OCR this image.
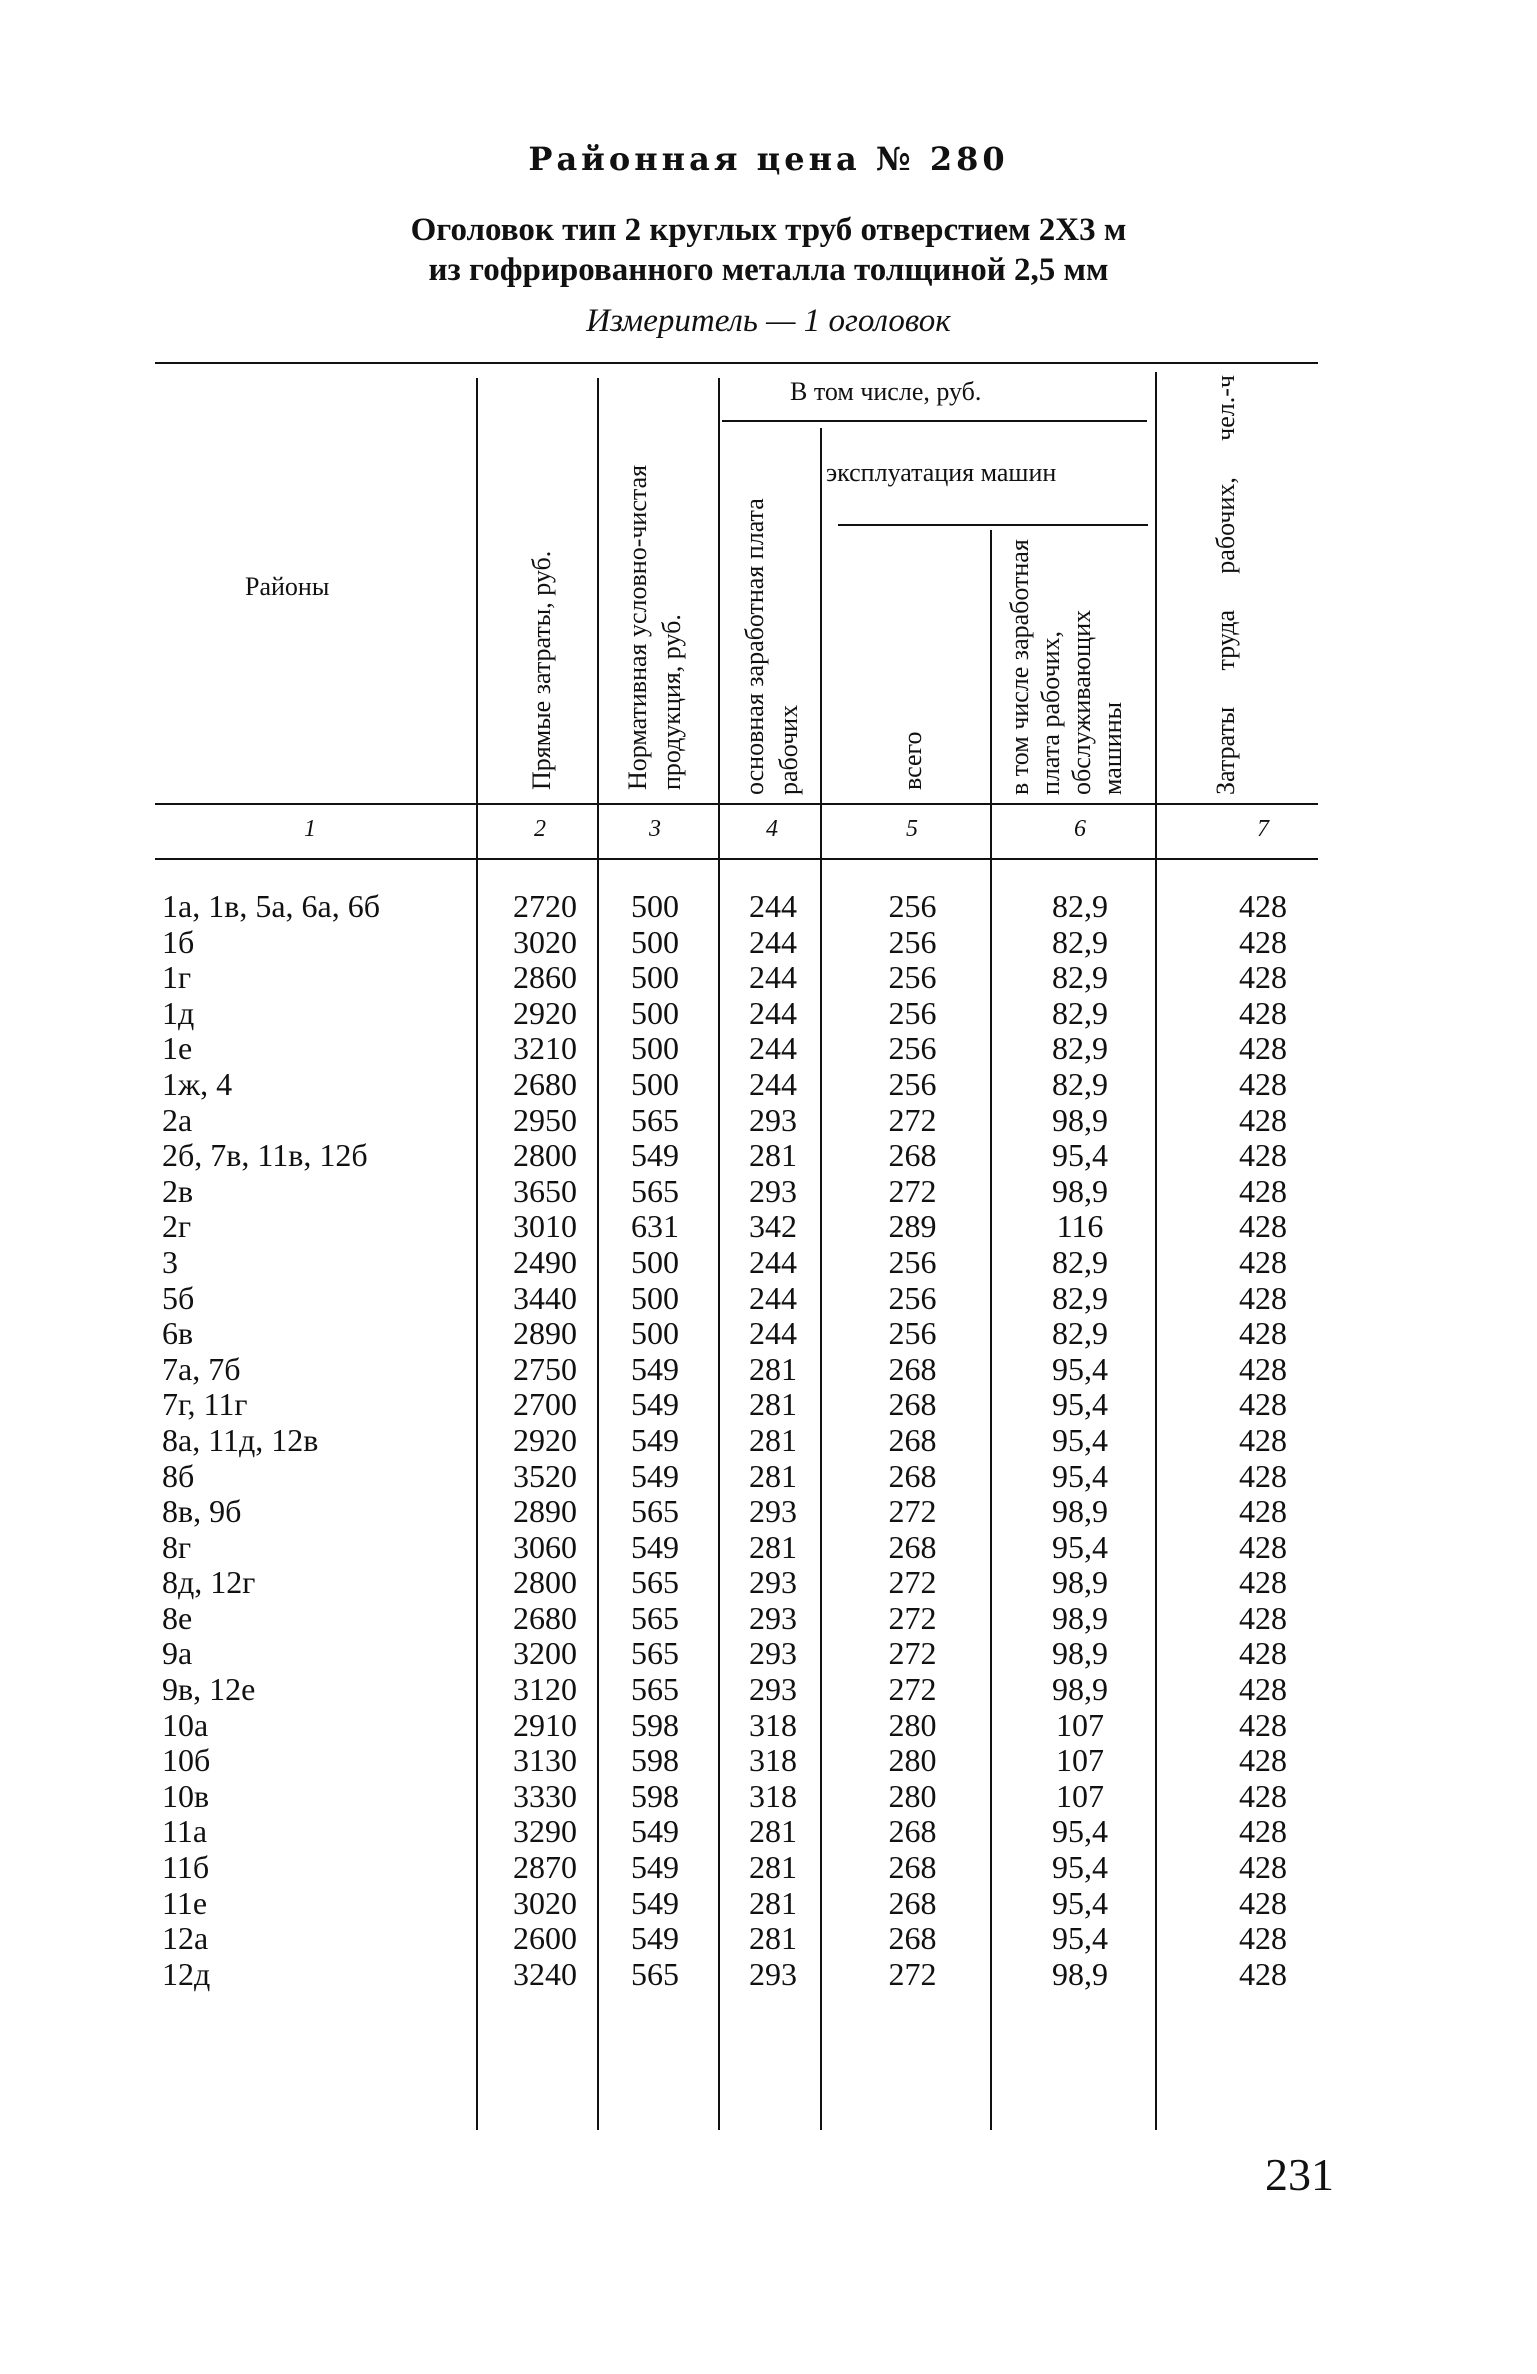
Районная цена № 280
Оголовок тип 2 круглых труб отверстием 2Х3 м
из гофрированного металла толщиной 2,5 мм
Измеритель — 1 оголовок
Районы	Прямые затраты, руб.	Нормативная условно-чистая продукция, руб.
В том числе, руб.
основная заработная плата рабочих
эксплуатация машин
всего	в том числе заработная плата рабочих, обслуживающих машины	Затраты труда рабочих, чел.-ч
1	2	3	4	5	6	7
1а, 1в, 5а, 6а, 6б	2720	500	244	256	82,9	428
1б	3020	500	244	256	82,9	428
1г	2860	500	244	256	82,9	428
1д	2920	500	244	256	82,9	428
1е	3210	500	244	256	82,9	428
1ж, 4	2680	500	244	256	82,9	428
2а	2950	565	293	272	98,9	428
2б, 7в, 11в, 12б	2800	549	281	268	95,4	428
2в	3650	565	293	272	98,9	428
2г	3010	631	342	289	116	428
3	2490	500	244	256	82,9	428
5б	3440	500	244	256	82,9	428
6в	2890	500	244	256	82,9	428
7а, 7б	2750	549	281	268	95,4	428
7г, 11г	2700	549	281	268	95,4	428
8а, 11д, 12в	2920	549	281	268	95,4	428
8б	3520	549	281	268	95,4	428
8в, 9б	2890	565	293	272	98,9	428
8г	3060	549	281	268	95,4	428
8д, 12г	2800	565	293	272	98,9	428
8е	2680	565	293	272	98,9	428
9а	3200	565	293	272	98,9	428
9в, 12е	3120	565	293	272	98,9	428
10а	2910	598	318	280	107	428
10б	3130	598	318	280	107	428
10в	3330	598	318	280	107	428
11а	3290	549	281	268	95,4	428
11б	2870	549	281	268	95,4	428
11е	3020	549	281	268	95,4	428
12а	2600	549	281	268	95,4	428
12д	3240	565	293	272	98,9	428
231
